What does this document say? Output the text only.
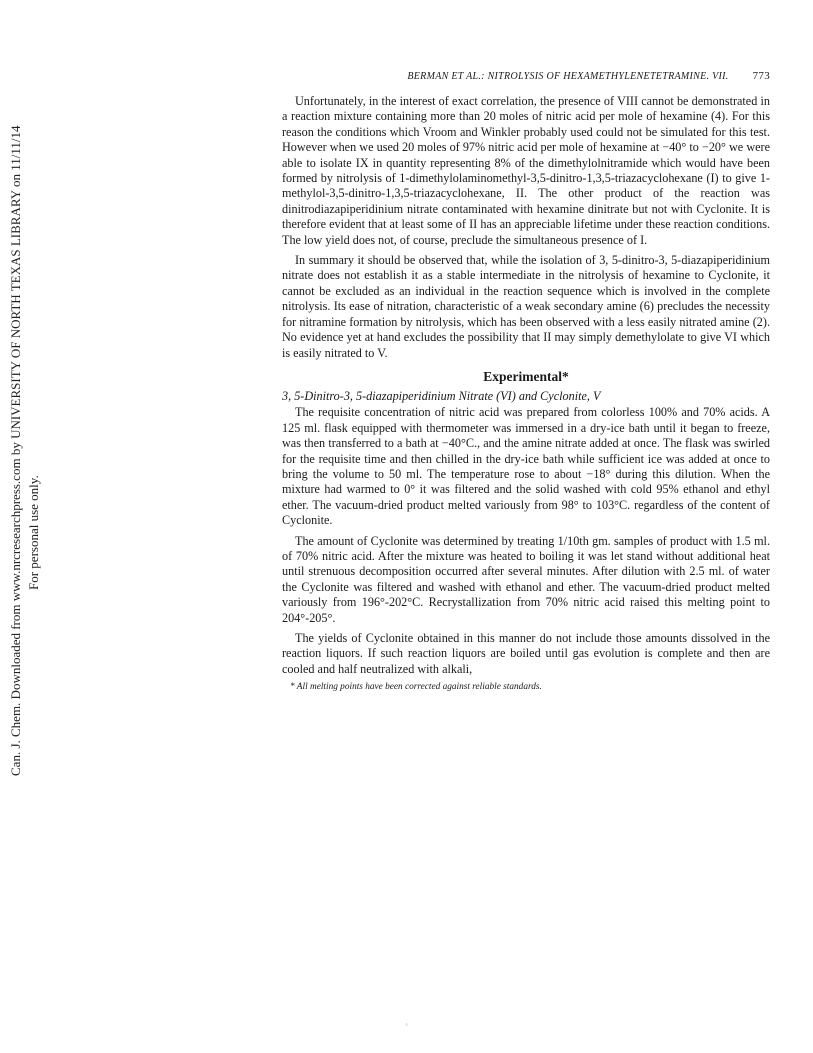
Can. J. Chem. Downloaded from www.nrcresearchpress.com by UNIVERSITY OF NORTH TEXAS LIBRARY on 11/11/14 For personal use only.
BERMAN ET AL.: NITROLYSIS OF HEXAMETHYLENETETRAMINE. VII. 773

Unfortunately, in the interest of exact correlation, the presence of VIII cannot be demonstrated in a reaction mixture containing more than 20 moles of nitric acid per mole of hexamine (4). For this reason the conditions which Vroom and Winkler probably used could not be simulated for this test. However when we used 20 moles of 97% nitric acid per mole of hexamine at −40° to −20° we were able to isolate IX in quantity representing 8% of the dimethylolnitramide which would have been formed by nitrolysis of 1-dimethylolaminomethyl-3,5-dinitro-1,3,5-triazacyclohexane (I) to give 1-methylol-3,5-dinitro-1,3,5-triazacyclohexane, II. The other product of the reaction was dinitrodiazapiperidinium nitrate contaminated with hexamine dinitrate but not with Cyclonite. It is therefore evident that at least some of II has an appreciable lifetime under these reaction conditions. The low yield does not, of course, preclude the simultaneous presence of I.

In summary it should be observed that, while the isolation of 3, 5-dinitro-3, 5-diazapiperidinium nitrate does not establish it as a stable intermediate in the nitrolysis of hexamine to Cyclonite, it cannot be excluded as an individual in the reaction sequence which is involved in the complete nitrolysis. Its ease of nitration, characteristic of a weak secondary amine (6) precludes the necessity for nitramine formation by nitrolysis, which has been observed with a less easily nitrated amine (2). No evidence yet at hand excludes the possibility that II may simply demethylolate to give VI which is easily nitrated to V.

Experimental*
3, 5-Dinitro-3, 5-diazapiperidinium Nitrate (VI) and Cyclonite, V

The requisite concentration of nitric acid was prepared from colorless 100% and 70% acids. A 125 ml. flask equipped with thermometer was immersed in a dry-ice bath until it began to freeze, was then transferred to a bath at −40°C., and the amine nitrate added at once. The flask was swirled for the requisite time and then chilled in the dry-ice bath while sufficient ice was added at once to bring the volume to 50 ml. The temperature rose to about −18° during this dilution. When the mixture had warmed to 0° it was filtered and the solid washed with cold 95% ethanol and ethyl ether. The vacuum-dried product melted variously from 98° to 103°C. regardless of the content of Cyclonite.

The amount of Cyclonite was determined by treating 1/10th gm. samples of product with 1.5 ml. of 70% nitric acid. After the mixture was heated to boiling it was let stand without additional heat until strenuous decomposition occurred after several minutes. After dilution with 2.5 ml. of water the Cyclonite was filtered and washed with ethanol and ether. The vacuum-dried product melted variously from 196°-202°C. Recrystallization from 70% nitric acid raised this melting point to 204°-205°.

The yields of Cyclonite obtained in this manner do not include those amounts dissolved in the reaction liquors. If such reaction liquors are boiled until gas evolution is complete and then are cooled and half neutralized with alkali,

* All melting points have been corrected against reliable standards.
◦
